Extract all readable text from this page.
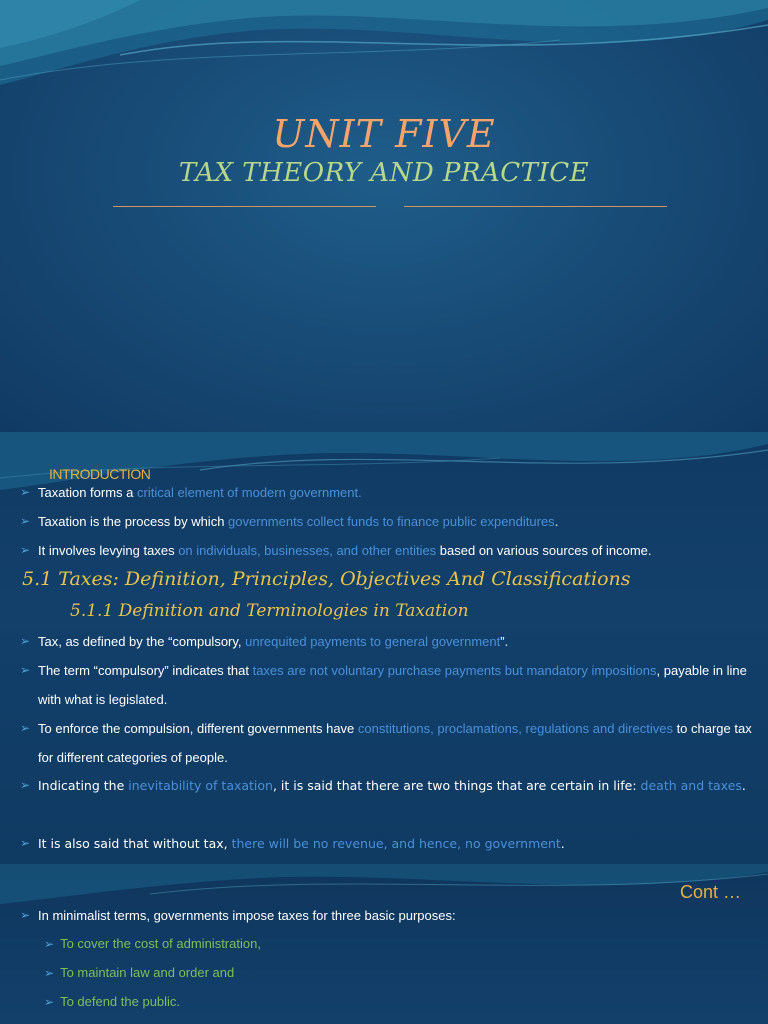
UNIT FIVE
TAX THEORY AND PRACTICE
INTRODUCTION
➢ Taxation forms a critical element of modern government.
➢ Taxation is the process by which governments collect funds to finance public expenditures.
➢ It involves levying taxes on individuals, businesses, and other entities based on various sources of income.
5.1 Taxes: Definition, Principles, Objectives And Classifications
5.1.1 Definition and Terminologies in Taxation
➢ Tax, as defined by the “compulsory, unrequited payments to general government”.
➢ The term “compulsory” indicates that taxes are not voluntary purchase payments but mandatory impositions, payable in line with what is legislated.
➢ To enforce the compulsion, different governments have constitutions, proclamations, regulations and directives to charge tax for different categories of people.
➢ Indicating the inevitability of taxation, it is said that there are two things that are certain in life: death and taxes.
➢ It is also said that without tax, there will be no revenue, and hence, no government.
Cont …
➢ In minimalist terms, governments impose taxes for three basic purposes:
➢ To cover the cost of administration,
➢ To maintain law and order and
➢ To defend the public.
